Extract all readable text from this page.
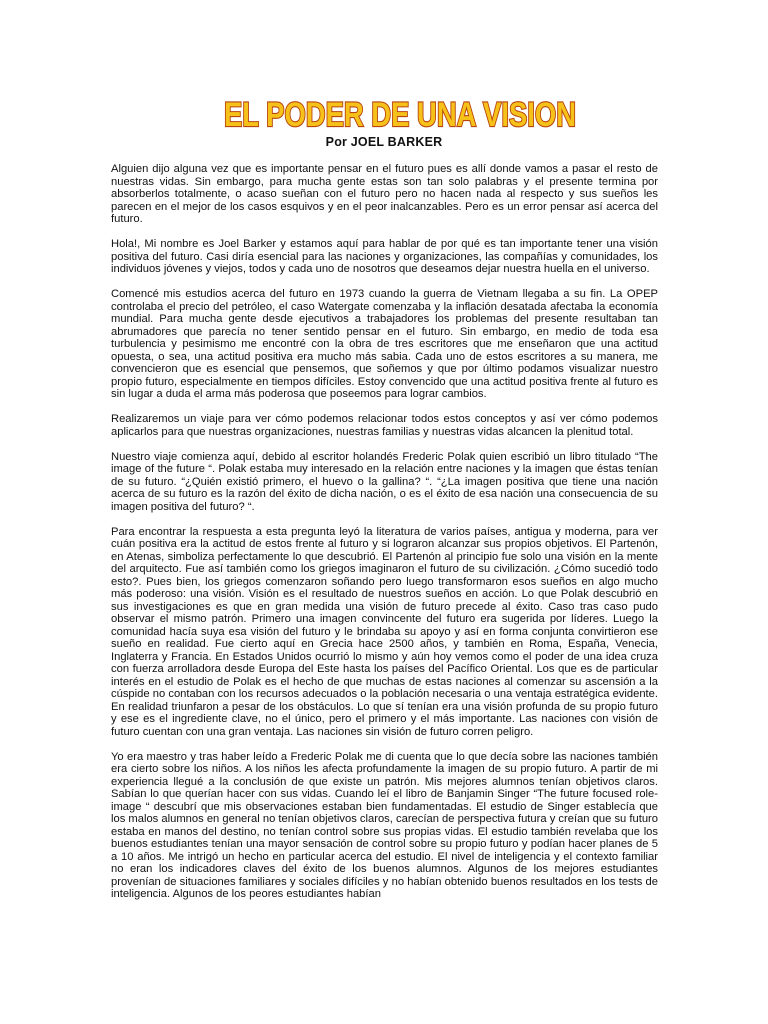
EL PODER DE UNA VISION
Por JOEL BARKER

Alguien dijo alguna vez que es importante pensar en el futuro pues es allí donde vamos a pasar el resto de nuestras vidas. Sin embargo, para mucha gente estas son tan solo palabras y el presente termina por absorberlos totalmente, o acaso sueñan con el futuro pero no hacen nada al respecto y sus sueños les parecen en el mejor de los casos esquivos y en el peor inalcanzables. Pero es un error pensar así acerca del futuro.

Hola!, Mi nombre es Joel Barker y estamos aquí para hablar de por qué es tan importante tener una visión positiva del futuro. Casi diría esencial para las naciones y organizaciones, las compañías y comunidades, los individuos jóvenes y viejos, todos y cada uno de nosotros que deseamos dejar nuestra huella en el universo.

Comencé mis estudios acerca del futuro en 1973 cuando la guerra de Vietnam llegaba a su fin. La OPEP controlaba el precio del petróleo, el caso Watergate comenzaba y la inflación desatada afectaba la economía mundial. Para mucha gente desde ejecutivos a trabajadores los problemas del presente resultaban tan abrumadores que parecía no tener sentido pensar en el futuro. Sin embargo, en medio de toda esa turbulencia y pesimismo me encontré con la obra de tres escritores que me enseñaron que una actitud opuesta, o sea, una actitud positiva era mucho más sabia. Cada uno de estos escritores a su manera, me convencieron que es esencial que pensemos, que soñemos y que por último podamos visualizar nuestro propio futuro, especialmente en tiempos difíciles. Estoy convencido que una actitud positiva frente al futuro es sin lugar a duda el arma más poderosa que poseemos para lograr cambios.

Realizaremos un viaje para ver cómo podemos relacionar todos estos conceptos y así ver cómo podemos aplicarlos para que nuestras organizaciones, nuestras familias y nuestras vidas alcancen la plenitud total.

Nuestro viaje comienza aquí, debido al escritor holandés Frederic Polak quien escribió un libro titulado “The image of the future “. Polak estaba muy interesado en la relación entre naciones y la imagen que éstas tenían de su futuro. “¿Quién existió primero, el huevo o la gallina? “. “¿La imagen positiva que tiene una nación acerca de su futuro es la razón del éxito de dicha nación, o es el éxito de esa nación una consecuencia de su imagen positiva del futuro? “.

Para encontrar la respuesta a esta pregunta leyó la literatura de varios países, antigua y moderna, para ver cuán positiva era la actitud de estos frente al futuro y si lograron alcanzar sus propios objetivos. El Partenón, en Atenas, simboliza perfectamente lo que descubrió. El Partenón al principio fue solo una visión en la mente del arquitecto. Fue así también como los griegos imaginaron el futuro de su civilización. ¿Cómo sucedió todo esto?. Pues bien, los griegos comenzaron soñando pero luego transformaron esos sueños en algo mucho más poderoso: una visión. Visión es el resultado de nuestros sueños en acción. Lo que Polak descubrió en sus investigaciones es que en gran medida una visión de futuro precede al éxito. Caso tras caso pudo observar el mismo patrón. Primero una imagen convincente del futuro era sugerida por líderes. Luego la comunidad hacía suya esa visión del futuro y le brindaba su apoyo y así en forma conjunta convirtieron ese sueño en realidad. Fue cierto aquí en Grecia hace 2500 años, y también en Roma, España, Venecia, Inglaterra y Francia. En Estados Unidos ocurrió lo mismo y aún hoy vemos como el poder de una idea cruza con fuerza arrolladora desde Europa del Este hasta los países del Pacífico Oriental. Los que es de particular interés en el estudio de Polak es el hecho de que muchas de estas naciones al comenzar su ascensión a la cúspide no contaban con los recursos adecuados o la población necesaria o una ventaja estratégica evidente. En realidad triunfaron a pesar de los obstáculos. Lo que sí tenían era una visión profunda de su propio futuro y ese es el ingrediente clave, no el único, pero el primero y el más importante. Las naciones con visión de futuro cuentan con una gran ventaja. Las naciones sin visión de futuro corren peligro.

Yo era maestro y tras haber leído a Frederic Polak me di cuenta que lo que decía sobre las naciones también era cierto sobre los niños. A los niños les afecta profundamente la imagen de su propio futuro. A partir de mi experiencia llegué a la conclusión de que existe un patrón. Mis mejores alumnos tenían objetivos claros. Sabían lo que querían hacer con sus vidas. Cuando leí el libro de Banjamin Singer “The future focused role-image “ descubrí que mis observaciones estaban bien fundamentadas. El estudio de Singer establecía que los malos alumnos en general no tenían objetivos claros, carecían de perspectiva futura y creían que su futuro estaba en manos del destino, no tenían control sobre sus propias vidas. El estudio también revelaba que los buenos estudiantes tenían una mayor sensación de control sobre su propio futuro y podían hacer planes de 5 a 10 años. Me intrigó un hecho en particular acerca del estudio. El nivel de inteligencia y el contexto familiar no eran los indicadores claves del éxito de los buenos alumnos. Algunos de los mejores estudiantes provenían de situaciones familiares y sociales difíciles y no habían obtenido buenos resultados en los tests de inteligencia. Algunos de los peores estudiantes habían
